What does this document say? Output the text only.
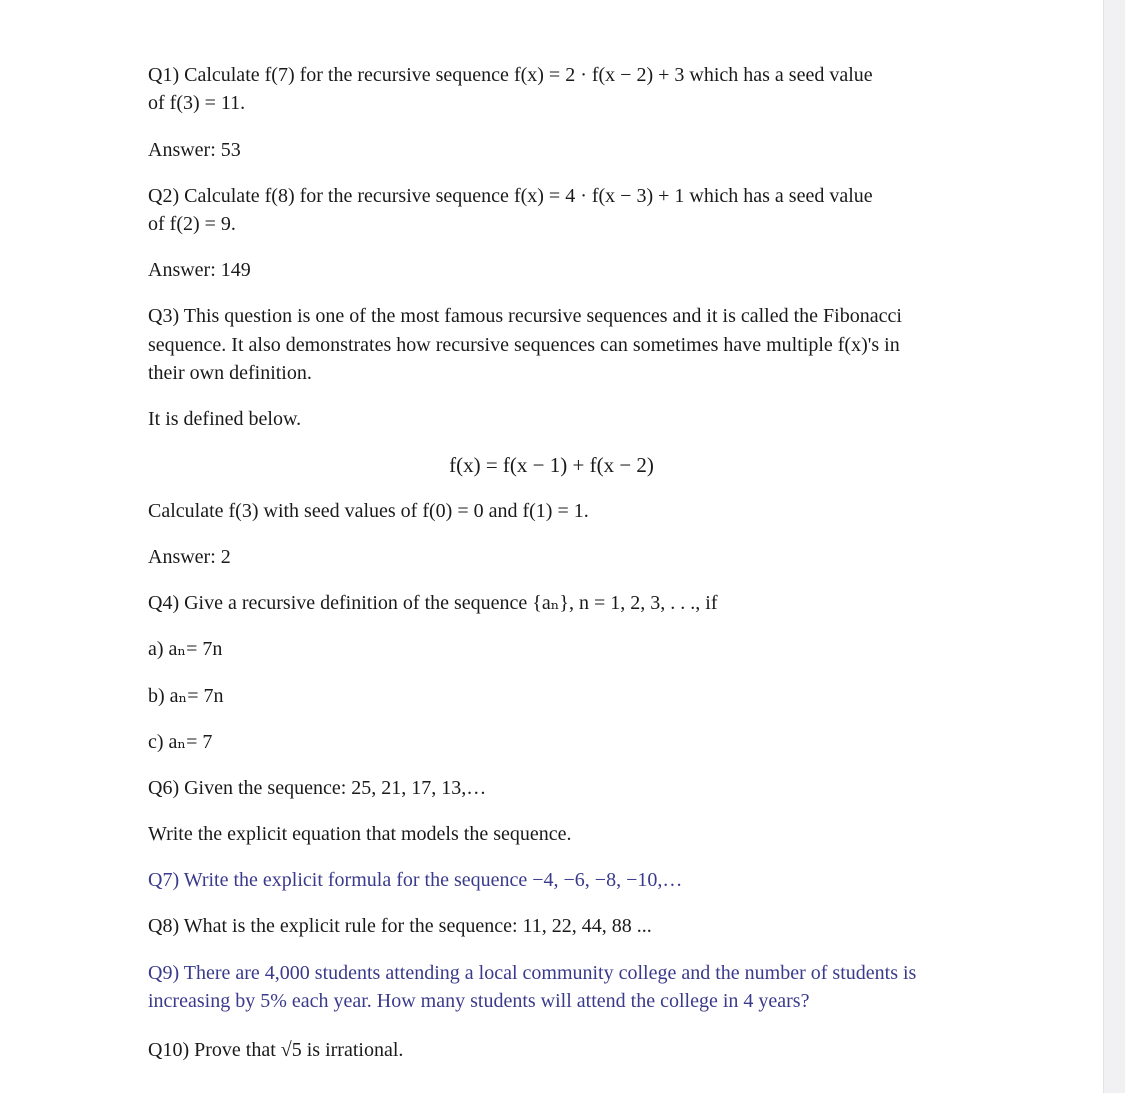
Q1) Calculate f(7) for the recursive sequence f(x) = 2 · f(x − 2) + 3 which has a seed value
of f(3) = 11.
Answer: 53
Q2) Calculate f(8) for the recursive sequence f(x) = 4 · f(x − 3) + 1 which has a seed value
of f(2) = 9.
Answer: 149
Q3) This question is one of the most famous recursive sequences and it is called the Fibonacci
sequence. It also demonstrates how recursive sequences can sometimes have multiple f(x)'s in
their own definition.
It is defined below.
f(x) = f(x − 1) + f(x − 2)
Calculate f(3) with seed values of f(0) = 0 and f(1) = 1.
Answer: 2
Q4) Give a recursive definition of the sequence {aₙ}, n = 1, 2, 3, . . ., if
a) aₙ= 7n
b) aₙ= 7n
c) aₙ= 7
Q6) Given the sequence: 25, 21, 17, 13,…
Write the explicit equation that models the sequence.
Q7) Write the explicit formula for the sequence −4, −6, −8, −10,…
Q8) What is the explicit rule for the sequence: 11, 22, 44, 88 ...
Q9) There are 4,000 students attending a local community college and the number of students is
increasing by 5% each year. How many students will attend the college in 4 years?
Q10) Prove that √5 is irrational.
